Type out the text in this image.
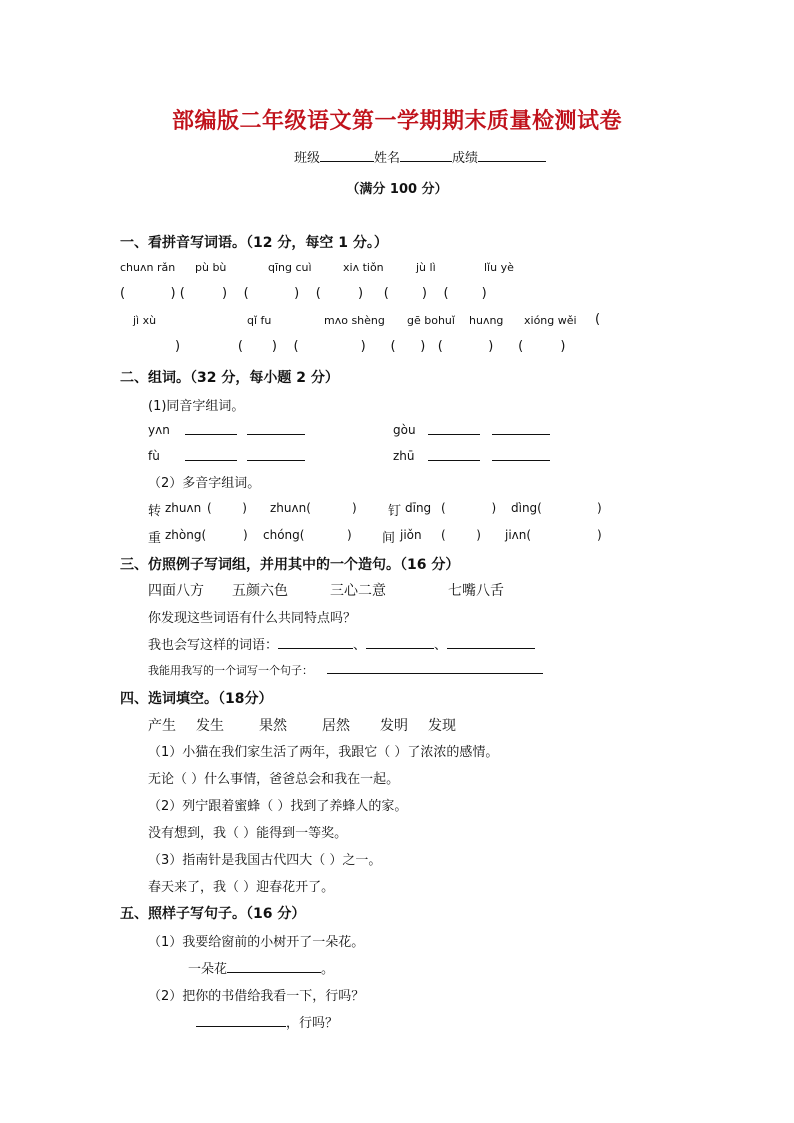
部编版二年级语文第一学期期末质量检测试卷
班级	姓名	成绩
（满分 100 分）
一、看拼音写词语。（12 分，每空 1 分。）
chuʌn rǎn pù bù	qīng cuì	xiʌ tiǒn	jù lì	lǐu yè
(           ) (         )    (           )    (         )     (        )    (        )
jì xù	qǐ fu	mʌo shèng gē bohuǐ huʌng xióng wěi (
)              (       )    (               )      (      )   (           )      (         )
二、组词。（32 分，每小题 2 分）
(1)同音字组词。
yʌn	gòu
fù	zhū
（2）多音字组词。
转 zhuʌn (        ) zhuʌn(	) 钉 dīng (            ) dìng(	)
重 zhòng(	) chóng(	) 间 jiǒn (        ) jiʌn(	)
三、仿照例子写词组，并用其中的一个造句。（16 分）
四面八方 五颜六色	三心二意	七嘴八舌
你发现这些词语有什么共同特点吗？
我也会写这样的词语：	、	、
我能用我写的一个词写一个句子：
四、选词填空。（18分）
产生 发生	果然	居然 发明 发现
（1）小猫在我们家生活了两年，我跟它（ ）了浓浓的感情。
无论（ ）什么事情，爸爸总会和我在一起。
（2）列宁跟着蜜蜂（ ）找到了养蜂人的家。
没有想到，我（ ）能得到一等奖。
（3）指南针是我国古代四大（ ）之一。
春天来了，我（ ）迎春花开了。
五、照样子写句子。（16 分）
（1）我要给窗前的小树开了一朵花。
一朵花	。
（2）把你的书借给我看一下，行吗？
，行吗？
